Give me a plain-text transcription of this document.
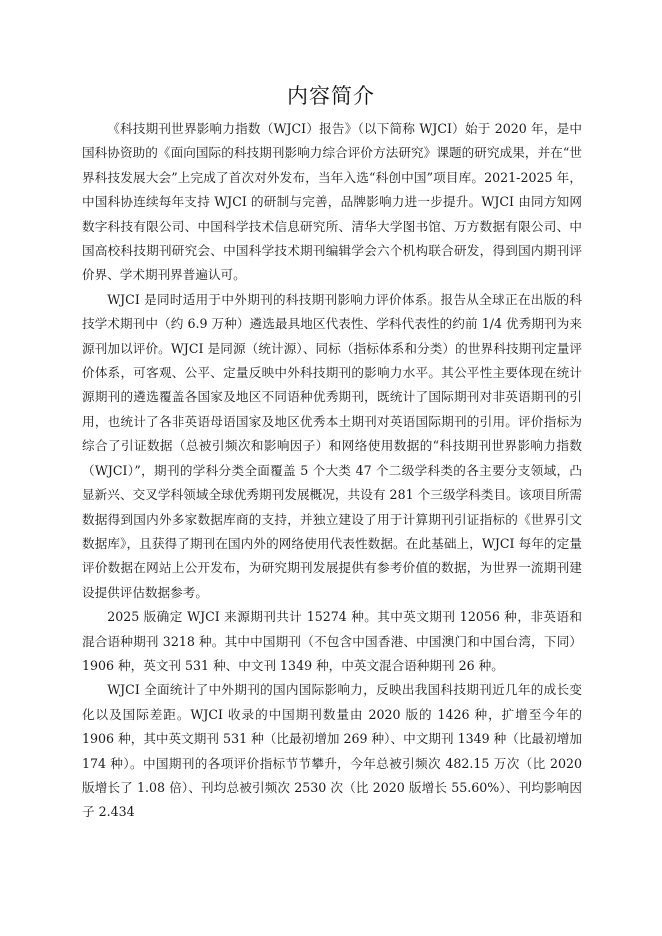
内容简介

《科技期刊世界影响力指数（WJCI）报告》（以下简称 WJCI）始于 2020 年，是中国科协资助的《面向国际的科技期刊影响力综合评价方法研究》课题的研究成果，并在“世界科技发展大会”上完成了首次对外发布，当年入选“科创中国”项目库。2021-2025 年，中国科协连续每年支持 WJCI 的研制与完善，品牌影响力进一步提升。WJCI 由同方知网数字科技有限公司、中国科学技术信息研究所、清华大学图书馆、万方数据有限公司、中国高校科技期刊研究会、中国科学技术期刊编辑学会六个机构联合研发，得到国内期刊评价界、学术期刊界普遍认可。

WJCI 是同时适用于中外期刊的科技期刊影响力评价体系。报告从全球正在出版的科技学术期刊中（约 6.9 万种）遴选最具地区代表性、学科代表性的约前 1/4 优秀期刊为来源刊加以评价。WJCI 是同源（统计源）、同标（指标体系和分类）的世界科技期刊定量评价体系，可客观、公平、定量反映中外科技期刊的影响力水平。其公平性主要体现在统计源期刊的遴选覆盖各国家及地区不同语种优秀期刊，既统计了国际期刊对非英语期刊的引用，也统计了各非英语母语国家及地区优秀本土期刊对英语国际期刊的引用。评价指标为综合了引证数据（总被引频次和影响因子）和网络使用数据的“科技期刊世界影响力指数（WJCI）”，期刊的学科分类全面覆盖 5 个大类 47 个二级学科类的各主要分支领域，凸显新兴、交叉学科领域全球优秀期刊发展概况，共设有 281 个三级学科类目。该项目所需数据得到国内外多家数据库商的支持，并独立建设了用于计算期刊引证指标的《世界引文数据库》，且获得了期刊在国内外的网络使用代表性数据。在此基础上，WJCI 每年的定量评价数据在网站上公开发布，为研究期刊发展提供有参考价值的数据，为世界一流期刊建设提供评估数据参考。

2025 版确定 WJCI 来源期刊共计 15274 种。其中英文期刊 12056 种，非英语和混合语种期刊 3218 种。其中中国期刊（不包含中国香港、中国澳门和中国台湾，下同）1906 种，英文刊 531 种、中文刊 1349 种，中英文混合语种期刊 26 种。

WJCI 全面统计了中外期刊的国内国际影响力，反映出我国科技期刊近几年的成长变化以及国际差距。WJCI 收录的中国期刊数量由 2020 版的 1426 种，扩增至今年的 1906 种，其中英文期刊 531 种（比最初增加 269 种）、中文期刊 1349 种（比最初增加 174 种）。中国期刊的各项评价指标节节攀升，今年总被引频次 482.15 万次（比 2020 版增长了 1.08 倍）、刊均总被引频次 2530 次（比 2020 版增长 55.60%）、刊均影响因子 2.434
